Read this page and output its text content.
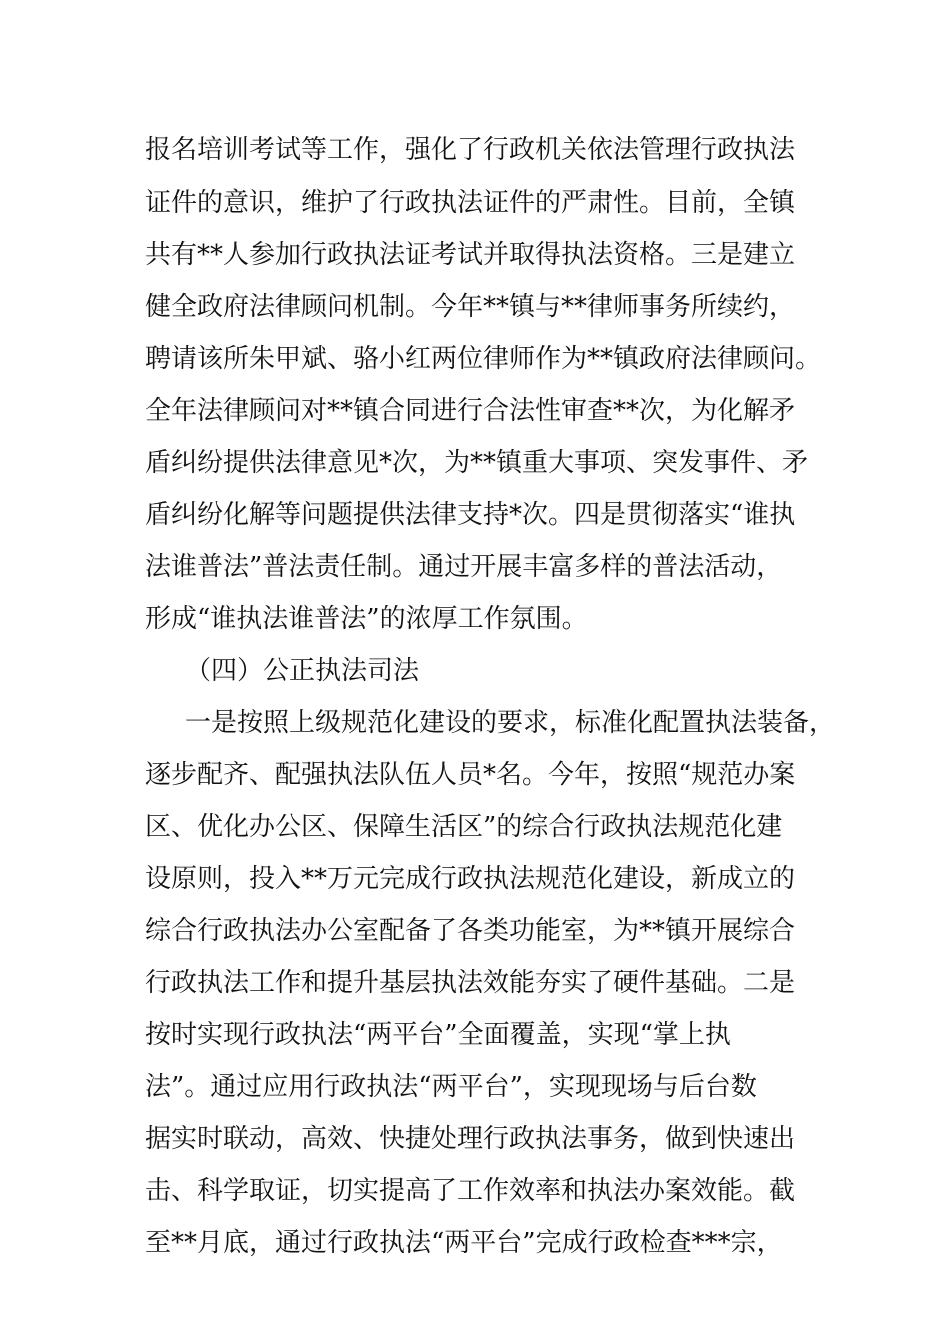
报名培训考试等工作，强化了行政机关依法管理行政执法
证件的意识，维护了行政执法证件的严肃性。目前，全镇
共有**人参加行政执法证考试并取得执法资格。三是建立
健全政府法律顾问机制。今年**镇与**律师事务所续约，
聘请该所朱甲斌、骆小红两位律师作为**镇政府法律顾问。
全年法律顾问对**镇合同进行合法性审查**次，为化解矛
盾纠纷提供法律意见*次，为**镇重大事项、突发事件、矛
盾纠纷化解等问题提供法律支持*次。四是贯彻落实“谁执
法谁普法”普法责任制。通过开展丰富多样的普法活动，
形成“谁执法谁普法”的浓厚工作氛围。
（四）公正执法司法
一是按照上级规范化建设的要求，标准化配置执法装备，
逐步配齐、配强执法队伍人员*名。今年，按照“规范办案
区、优化办公区、保障生活区”的综合行政执法规范化建
设原则，投入**万元完成行政执法规范化建设，新成立的
综合行政执法办公室配备了各类功能室，为**镇开展综合
行政执法工作和提升基层执法效能夯实了硬件基础。二是
按时实现行政执法“两平台”全面覆盖，实现“掌上执
法”。通过应用行政执法“两平台”，实现现场与后台数
据实时联动，高效、快捷处理行政执法事务，做到快速出
击、科学取证，切实提高了工作效率和执法办案效能。截
至**月底，通过行政执法“两平台”完成行政检查***宗，
